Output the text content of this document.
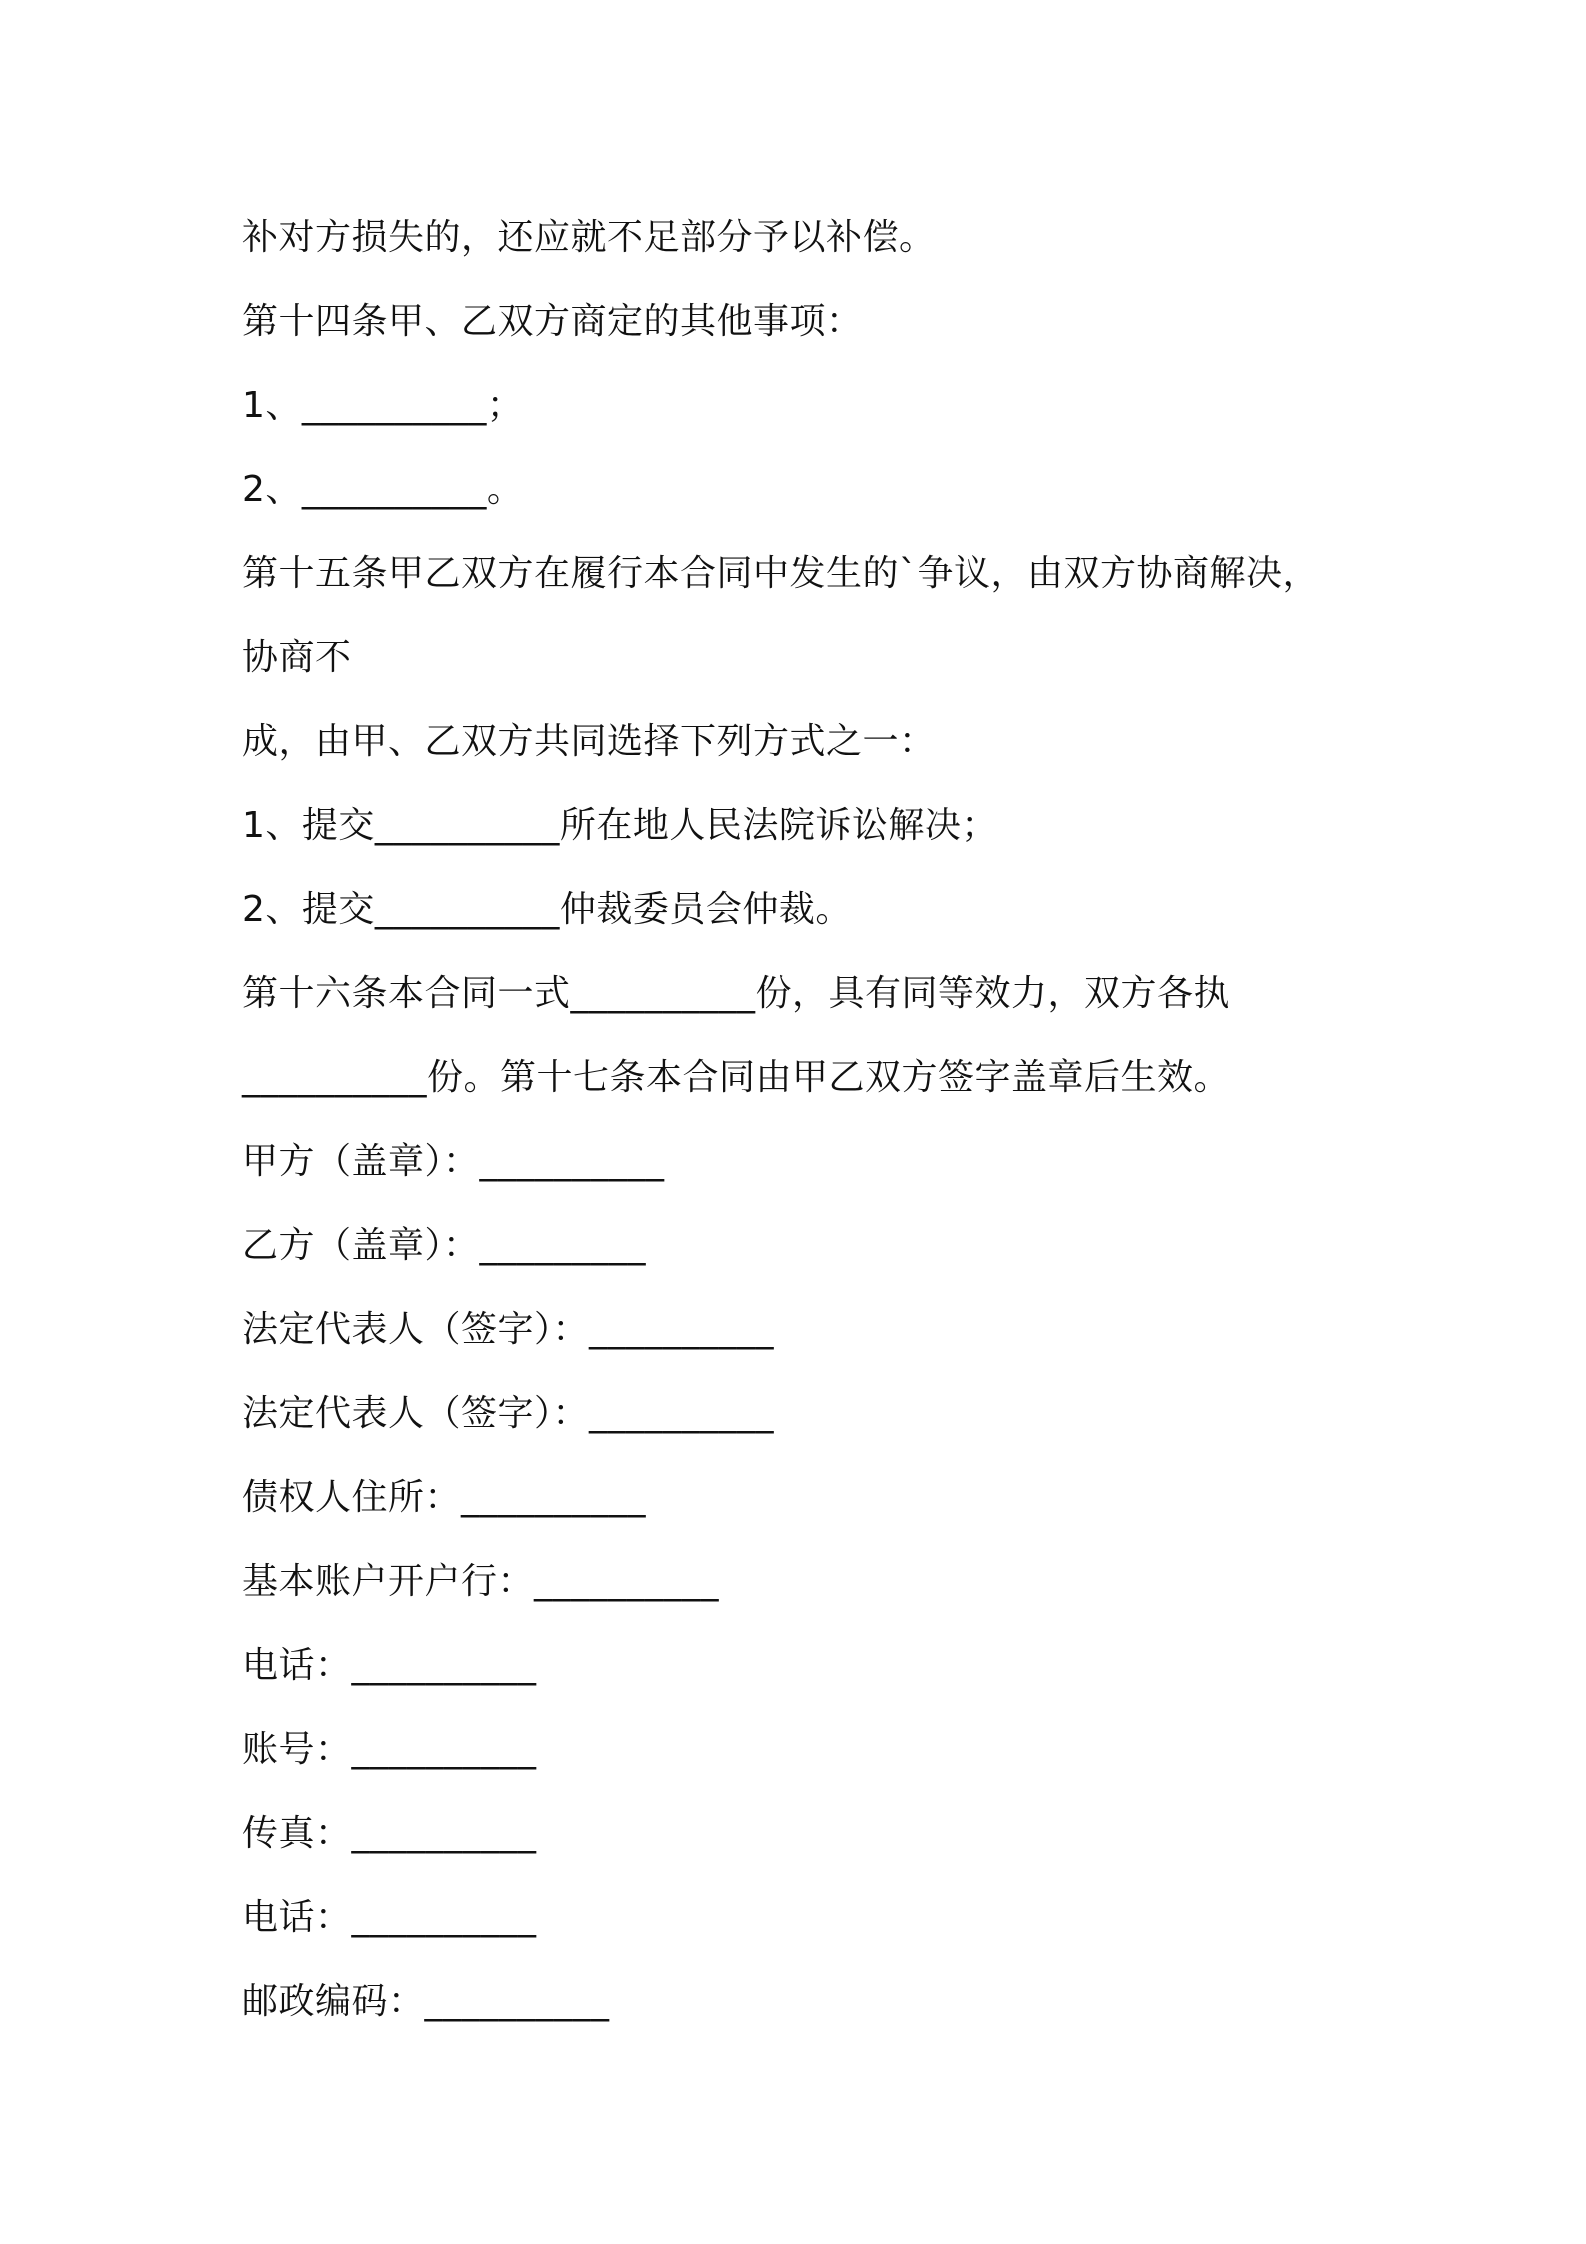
补对方损失的，还应就不足部分予以补偿。
第十四条甲、乙双方商定的其他事项：
1、__________；
2、__________。
第十五条甲乙双方在履行本合同中发生的`争议，由双方协商解决，
协商不
成，由甲、乙双方共同选择下列方式之一：
1、提交__________所在地人民法院诉讼解决；
2、提交__________仲裁委员会仲裁。
第十六条本合同一式__________份，具有同等效力，双方各执
__________份。第十七条本合同由甲乙双方签字盖章后生效。
甲方（盖章）：__________
乙方（盖章）：_________
法定代表人（签字）：__________
法定代表人（签字）：__________
债权人住所：__________
基本账户开户行：__________
电话：__________
账号：__________
传真：__________
电话：__________
邮政编码：__________
